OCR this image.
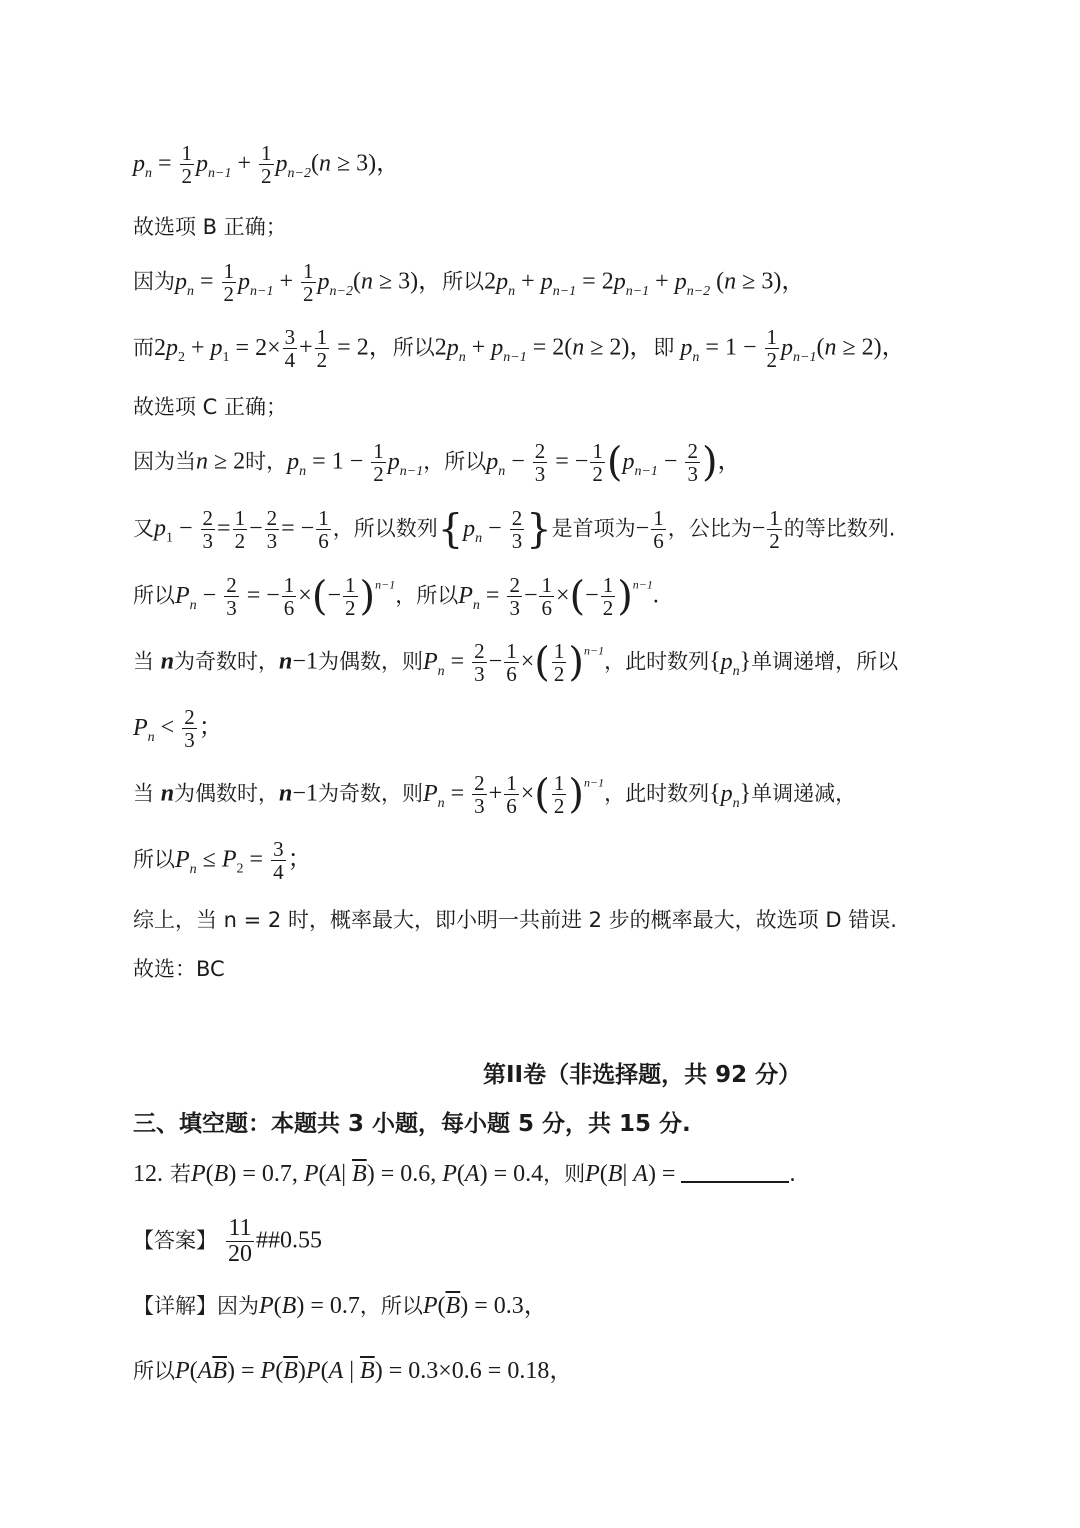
$p_n = \frac{1}{2} p_{n-1} + \frac{1}{2} p_{n-2}(n \ge 3)$，
故选项 B 正确；
因为$p_n = \frac{1}{2} p_{n-1} + \frac{1}{2} p_{n-2}(n \ge 3)$，所以$2p_n + p_{n-1} = 2p_{n-1} + p_{n-2}$ (n ≥ 3)，
而$2p_2 + p_1 = 2\times \frac{3}{4} + \frac{1}{2} = 2$，所以$2p_n + p_{n-1} = 2(n \ge 2)$，即 $p_n = 1 - \frac{1}{2} p_{n-1}(n \ge 2)$，
故选项 C 正确；
因为当n ≥ 2时，$p_n = 1 - \frac{1}{2} p_{n-1}$，所以$p_n - \frac{2}{3}$ = − $\frac{1}{2} (p_{n-1} - \frac{2}{3}$ )，
又$p_1 - \frac{2}{3} = \frac{1}{2} - \frac{2}{3}$ = − $\frac{1}{6}$ ，所以数列{$p_n - \frac{2}{3}$ }是首项为− $\frac{1}{6}$ ，公比为− $\frac{1}{2}$ 的等比数列.
所以$P_n - \frac{2}{3}$ = − $\frac{1}{6}$ ×(− $\frac{1}{2} )^{n-1}$，所以$P_n = \frac{2}{3} - \frac{1}{6}$ ×(− $\frac{1}{2} )^{n-1}$.
当 n为奇数时，n−1为偶数，则$P_n = \frac{2}{3} - \frac{1}{6}$ ×( $\frac{1}{2} )^{n-1}$，此时数列$\{p_n\}$单调递增，所以
$P_n < \frac{2}{3}$ ；
当 n为偶数时，n−1为奇数，则$P_n = \frac{2}{3} + \frac{1}{6}$ ×( $\frac{1}{2} )^{n-1}$，此时数列$\{p_n\}$单调递减，
所以$P_n \le P_2 = \frac{3}{4}$ ；
综上，当 n = 2 时，概率最大，即小明一共前进 2 步的概率最大，故选项 D 错误.
故选：BC
第II卷（非选择题，共 92 分）
三、填空题：本题共 3 小题，每小题 5 分，共 15 分.
12. 若P(B) = 0.7, P(A| $\overline{B}) = 0.6$, P(A) = 0.4，则P(B| A) =	.
【答案】 $\frac{11}{20}$ ##0.55
【详解】因为P(B) = 0.7，所以$P(\overline{B}) = 0.3$，
所以$P(A\overline{B}) = P(\overline{B})P(A$ | $\overline{B}) = 0.3\times 0.6 = 0.18$，
